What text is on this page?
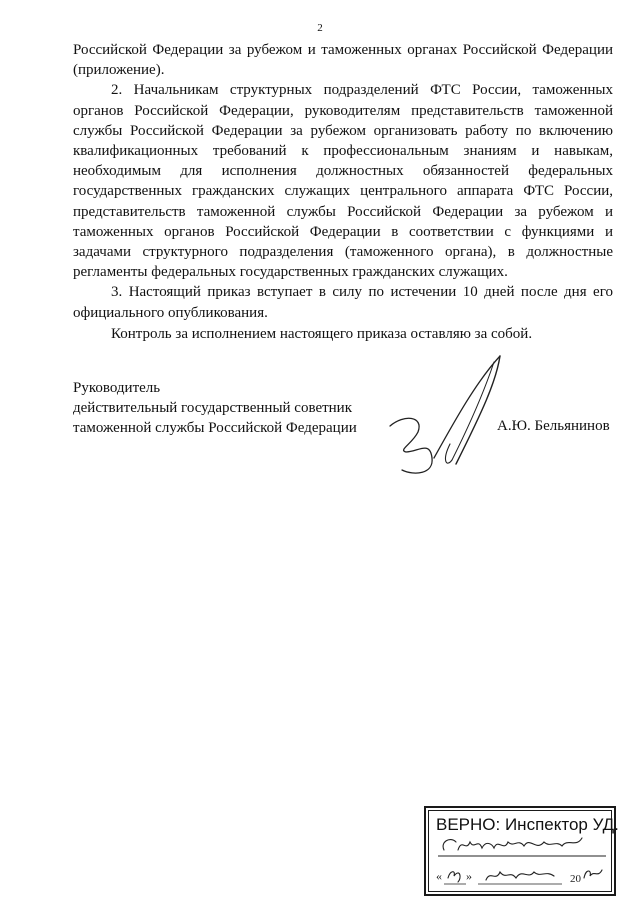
2

Российской Федерации за рубежом и таможенных органах Российской Федерации (приложение).

2. Начальникам структурных подразделений ФТС России, таможенных органов Российской Федерации, руководителям представительств таможенной службы Российской Федерации за рубежом организовать работу по включению квалификационных требований к профессиональным знаниям и навыкам, необходимым для исполнения должностных обязанностей федеральных государственных гражданских служащих центрального аппарата ФТС России, представительств таможенной службы Российской Федерации за рубежом и таможенных органов Российской Федерации в соответствии с функциями и задачами структурного подразделения (таможенного органа), в должностные регламенты федеральных государственных гражданских служащих.

3. Настоящий приказ вступает в силу по истечении 10 дней после дня его официального опубликования.

Контроль за исполнением настоящего приказа оставляю за собой.
Руководитель
действительный государственный советник
таможенной службы Российской Федерации	А.Ю. Бельянинов
ВЕРНО: Инспектор УД.
« »	20
